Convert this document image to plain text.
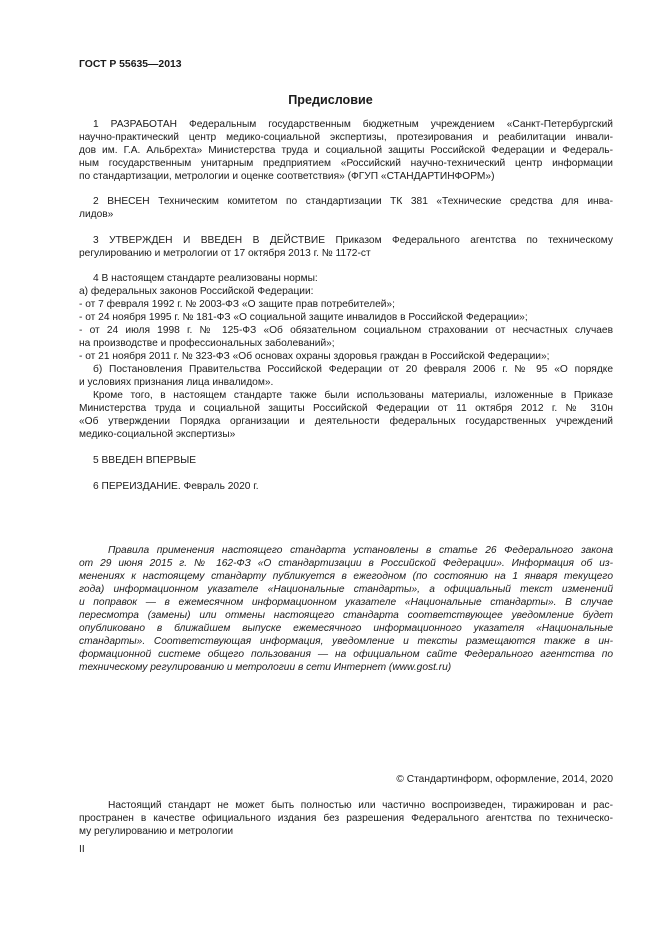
ГОСТ Р 55635—2013
Предисловие
1 РАЗРАБОТАН Федеральным государственным бюджетным учреждением «Санкт-Петербургский
научно-практический центр медико-социальной экспертизы, протезирования и реабилитации инвали-
дов им. Г.А. Альбрехта» Министерства труда и социальной защиты Российской Федерации и Федераль-
ным государственным унитарным предприятием «Российский научно-технический центр информации
по стандартизации, метрологии и оценке соответствия» (ФГУП «СТАНДАРТИНФОРМ»)
2 ВНЕСЕН Техническим комитетом по стандартизации ТК 381 «Технические средства для инва-
лидов»
3 УТВЕРЖДЕН И ВВЕДЕН В ДЕЙСТВИЕ Приказом Федерального агентства по техническому
регулированию и метрологии от 17 октября 2013 г. № 1172-ст
4 В настоящем стандарте реализованы нормы:
а) федеральных законов Российской Федерации:
- от 7 февраля 1992 г. № 2003-ФЗ «О защите прав потребителей»;
- от 24 ноября 1995 г. № 181-ФЗ «О социальной защите инвалидов в Российской Федерации»;
- от 24 июля 1998 г. № 125-ФЗ «Об обязательном социальном страховании от несчастных случаев
на производстве и профессиональных заболеваний»;
- от 21 ноября 2011 г. № 323-ФЗ «Об основах охраны здоровья граждан в Российской Федерации»;
б) Постановления Правительства Российской Федерации от 20 февраля 2006 г. № 95 «О порядке
и условиях признания лица инвалидом».
Кроме того, в настоящем стандарте также были использованы материалы, изложенные в Приказе
Министерства труда и социальной защиты Российской Федерации от 11 октября 2012 г. № 310н
«Об утверждении Порядка организации и деятельности федеральных государственных учреждений
медико-социальной экспертизы»
5 ВВЕДЕН ВПЕРВЫЕ
6 ПЕРЕИЗДАНИЕ. Февраль 2020 г.
Правила применения настоящего стандарта установлены в статье 26 Федерального закона
от 29 июня 2015 г. № 162-ФЗ «О стандартизации в Российской Федерации». Информация об из-
менениях к настоящему стандарту публикуется в ежегодном (по состоянию на 1 января текущего
года) информационном указателе «Национальные стандарты», а официальный текст изменений
и поправок — в ежемесячном информационном указателе «Национальные стандарты». В случае
пересмотра (замены) или отмены настоящего стандарта соответствующее уведомление будет
опубликовано в ближайшем выпуске ежемесячного информационного указателя «Национальные
стандарты». Соответствующая информация, уведомление и тексты размещаются также в ин-
формационной системе общего пользования — на официальном сайте Федерального агентства по
техническому регулированию и метрологии в сети Интернет (www.gost.ru)
© Стандартинформ, оформление, 2014, 2020
Настоящий стандарт не может быть полностью или частично воспроизведен, тиражирован и рас-
пространен в качестве официального издания без разрешения Федерального агентства по техническо-
му регулированию и метрологии
II
